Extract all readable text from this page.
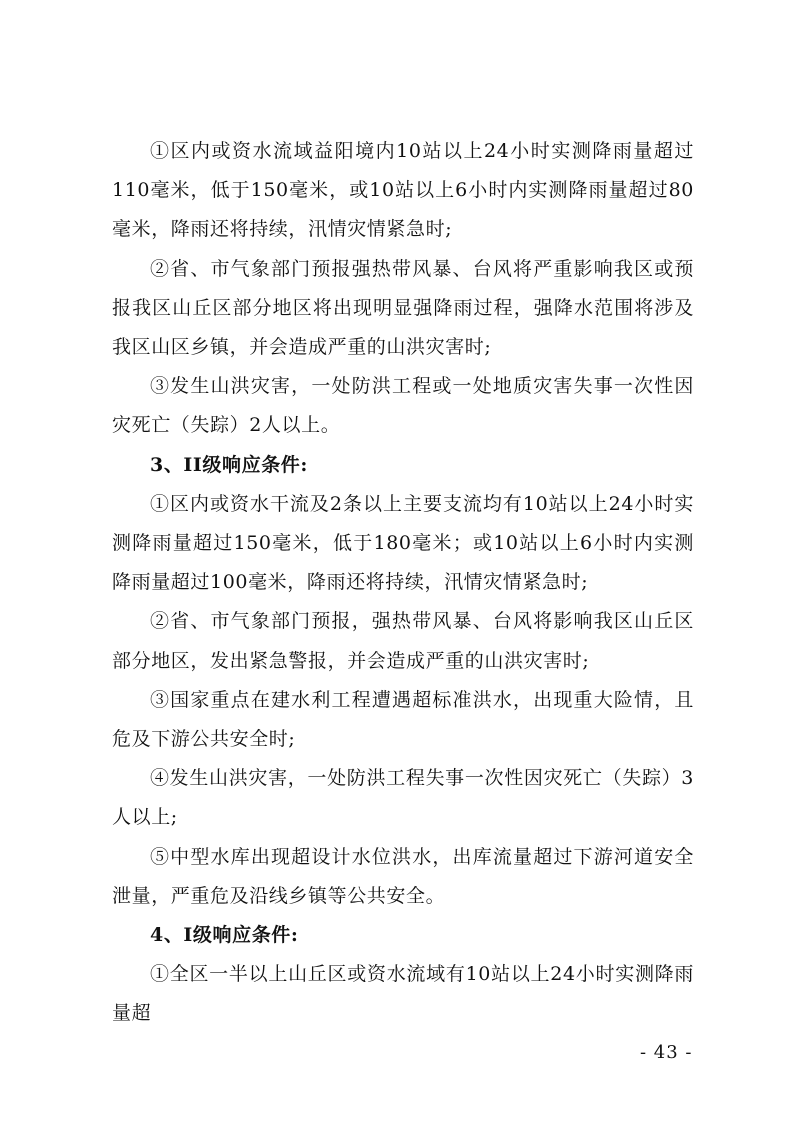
①区内或资水流域益阳境内10站以上24小时实测降雨量超过110毫米，低于150毫米，或10站以上6小时内实测降雨量超过80毫米，降雨还将持续，汛情灾情紧急时;

②省、市气象部门预报强热带风暴、台风将严重影响我区或预报我区山丘区部分地区将出现明显强降雨过程，强降水范围将涉及我区山区乡镇，并会造成严重的山洪灾害时;

③发生山洪灾害，一处防洪工程或一处地质灾害失事一次性因灾死亡（失踪）2人以上。

3、II级响应条件:

①区内或资水干流及2条以上主要支流均有10站以上24小时实测降雨量超过150毫米，低于180毫米；或10站以上6小时内实测降雨量超过100毫米，降雨还将持续，汛情灾情紧急时;

②省、市气象部门预报，强热带风暴、台风将影响我区山丘区部分地区，发出紧急警报，并会造成严重的山洪灾害时;

③国家重点在建水利工程遭遇超标准洪水，出现重大险情，且危及下游公共安全时;

④发生山洪灾害，一处防洪工程失事一次性因灾死亡（失踪）3人以上;

⑤中型水库出现超设计水位洪水，出库流量超过下游河道安全泄量，严重危及沿线乡镇等公共安全。

4、I级响应条件:

①全区一半以上山丘区或资水流域有10站以上24小时实测降雨量超

- 43 -
